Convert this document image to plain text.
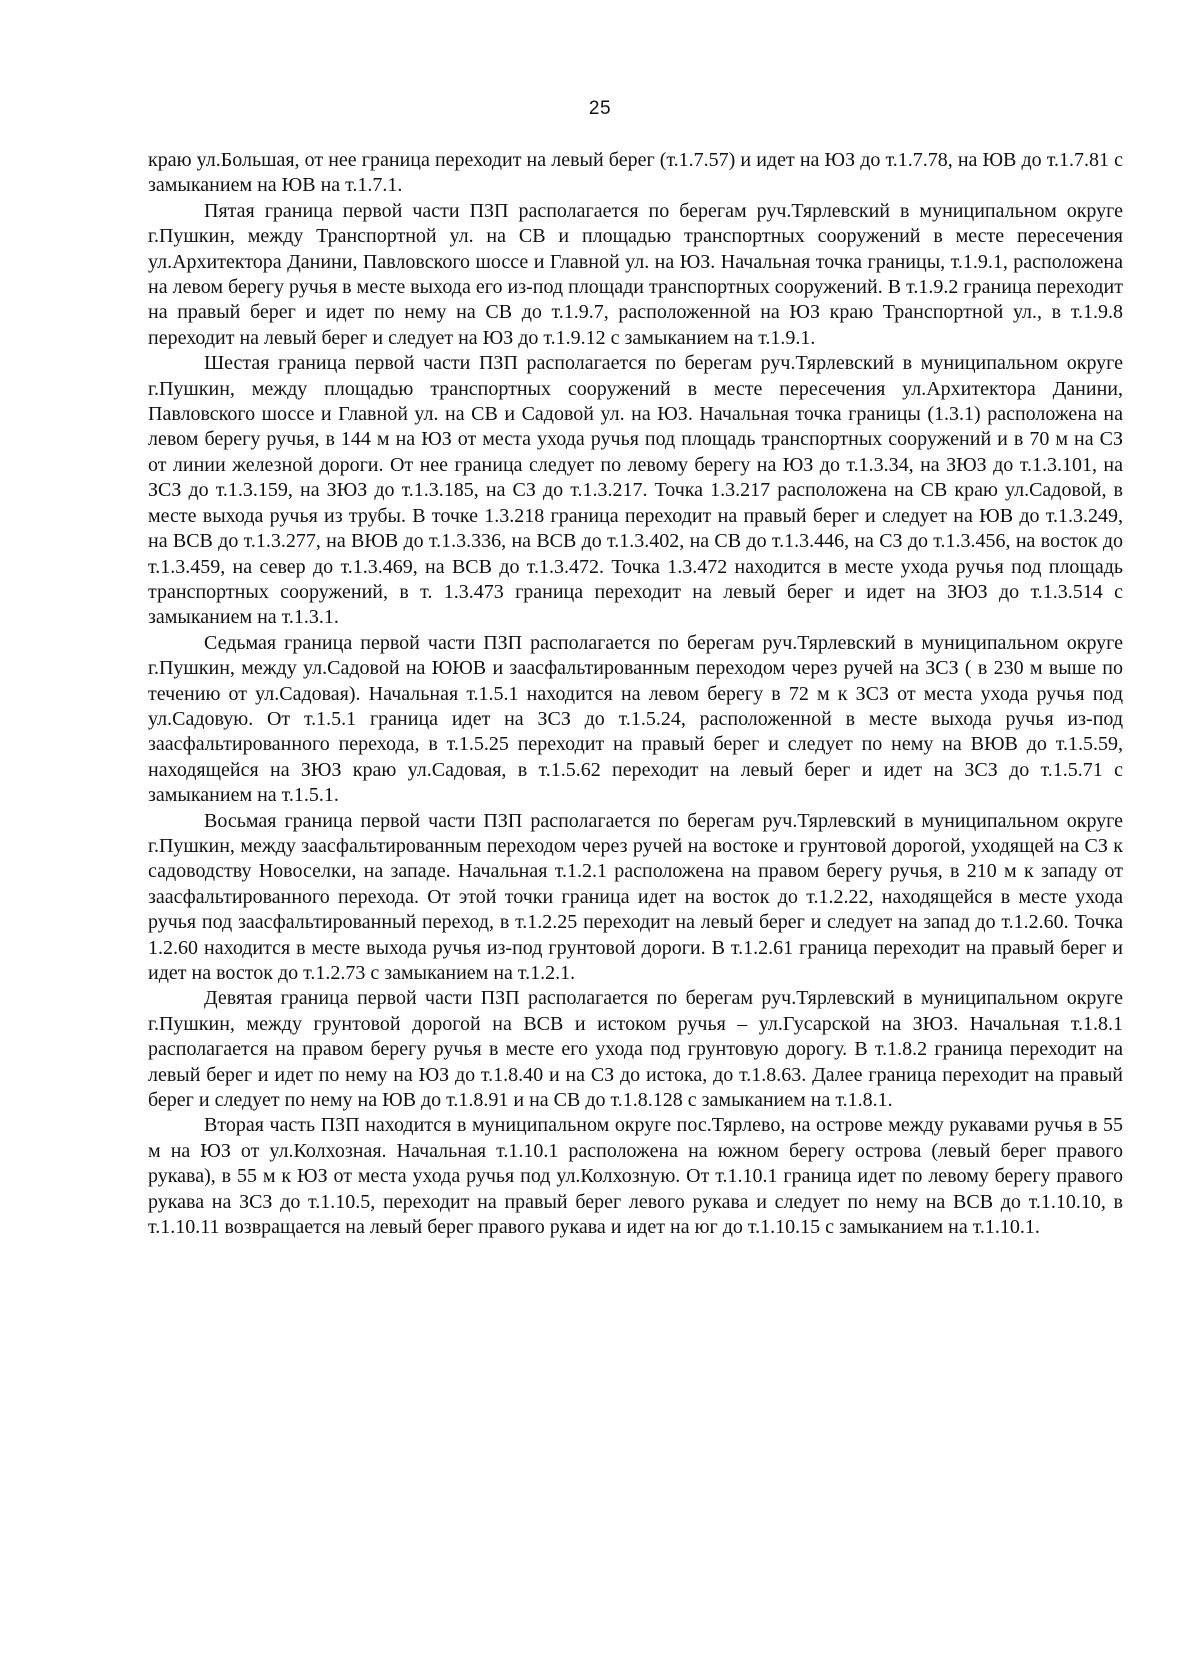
25

краю ул.Большая, от нее граница переходит на левый берег (т.1.7.57) и идет на ЮЗ до т.1.7.78, на ЮВ до т.1.7.81 с замыканием на ЮВ на т.1.7.1.

Пятая граница первой части ПЗП располагается по берегам руч.Тярлевский в муниципальном округе г.Пушкин, между Транспортной ул. на СВ и площадью транспортных сооружений в месте пересечения ул.Архитектора Данини, Павловского шоссе и Главной ул. на ЮЗ. Начальная точка границы, т.1.9.1, расположена на левом берегу ручья в месте выхода его из-под площади транспортных сооружений. В т.1.9.2 граница переходит на правый берег и идет по нему на СВ до т.1.9.7, расположенной на ЮЗ краю Транспортной ул., в т.1.9.8 переходит на левый берег и следует на ЮЗ до т.1.9.12 с замыканием на т.1.9.1.

Шестая граница первой части ПЗП располагается по берегам руч.Тярлевский в муниципальном округе г.Пушкин, между площадью транспортных сооружений в месте пересечения ул.Архитектора Данини, Павловского шоссе и Главной ул. на СВ и Садовой ул. на ЮЗ. Начальная точка границы (1.3.1) расположена на левом берегу ручья, в 144 м на ЮЗ от места ухода ручья под площадь транспортных сооружений и в 70 м на СЗ от линии железной дороги. От нее граница следует по левому берегу на ЮЗ до т.1.3.34, на ЗЮЗ до т.1.3.101, на ЗСЗ до т.1.3.159, на ЗЮЗ до т.1.3.185, на СЗ до т.1.3.217. Точка 1.3.217 расположена на СВ краю ул.Садовой, в месте выхода ручья из трубы. В точке 1.3.218 граница переходит на правый берег и следует на ЮВ до т.1.3.249, на ВСВ до т.1.3.277, на ВЮВ до т.1.3.336, на ВСВ до т.1.3.402, на СВ до т.1.3.446, на СЗ до т.1.3.456, на восток до т.1.3.459, на север до т.1.3.469, на ВСВ до т.1.3.472. Точка 1.3.472 находится в месте ухода ручья под площадь транспортных сооружений, в т. 1.3.473 граница переходит на левый берег и идет на ЗЮЗ до т.1.3.514 с замыканием на т.1.3.1.

Седьмая граница первой части ПЗП располагается по берегам руч.Тярлевский в муниципальном округе г.Пушкин, между ул.Садовой на ЮЮВ и заасфальтированным переходом через ручей на ЗСЗ ( в 230 м выше по течению от ул.Садовая). Начальная т.1.5.1 находится на левом берегу в 72 м к ЗСЗ от места ухода ручья под ул.Садовую. От т.1.5.1 граница идет на ЗСЗ до т.1.5.24, расположенной в месте выхода ручья из-под заасфальтированного перехода, в т.1.5.25 переходит на правый берег и следует по нему на ВЮВ до т.1.5.59, находящейся на ЗЮЗ краю ул.Садовая, в т.1.5.62 переходит на левый берег и идет на ЗСЗ до т.1.5.71 с замыканием на т.1.5.1.

Восьмая граница первой части ПЗП располагается по берегам руч.Тярлевский в муниципальном округе г.Пушкин, между заасфальтированным переходом через ручей на востоке и грунтовой дорогой, уходящей на СЗ к садоводству Новоселки, на западе. Начальная т.1.2.1 расположена на правом берегу ручья, в 210 м к западу от заасфальтированного перехода. От этой точки граница идет на восток до т.1.2.22, находящейся в месте ухода ручья под заасфальтированный переход, в т.1.2.25 переходит на левый берег и следует на запад до т.1.2.60. Точка 1.2.60 находится в месте выхода ручья из-под грунтовой дороги. В т.1.2.61 граница переходит на правый берег и идет на восток до т.1.2.73 с замыканием на т.1.2.1.

Девятая граница первой части ПЗП располагается по берегам руч.Тярлевский в муниципальном округе г.Пушкин, между грунтовой дорогой на ВСВ и истоком ручья – ул.Гусарской на ЗЮЗ. Начальная т.1.8.1 располагается на правом берегу ручья в месте его ухода под грунтовую дорогу. В т.1.8.2 граница переходит на левый берег и идет по нему на ЮЗ до т.1.8.40 и на СЗ до истока, до т.1.8.63. Далее граница переходит на правый берег и следует по нему на ЮВ до т.1.8.91 и на СВ до т.1.8.128 с замыканием на т.1.8.1.

Вторая часть ПЗП находится в муниципальном округе пос.Тярлево, на острове между рукавами ручья в 55 м на ЮЗ от ул.Колхозная. Начальная т.1.10.1 расположена на южном берегу острова (левый берег правого рукава), в 55 м к ЮЗ от места ухода ручья под ул.Колхозную. От т.1.10.1 граница идет по левому берегу правого рукава на ЗСЗ до т.1.10.5, переходит на правый берег левого рукава и следует по нему на ВСВ до т.1.10.10, в т.1.10.11 возвращается на левый берег правого рукава и идет на юг до т.1.10.15 с замыканием на т.1.10.1.
